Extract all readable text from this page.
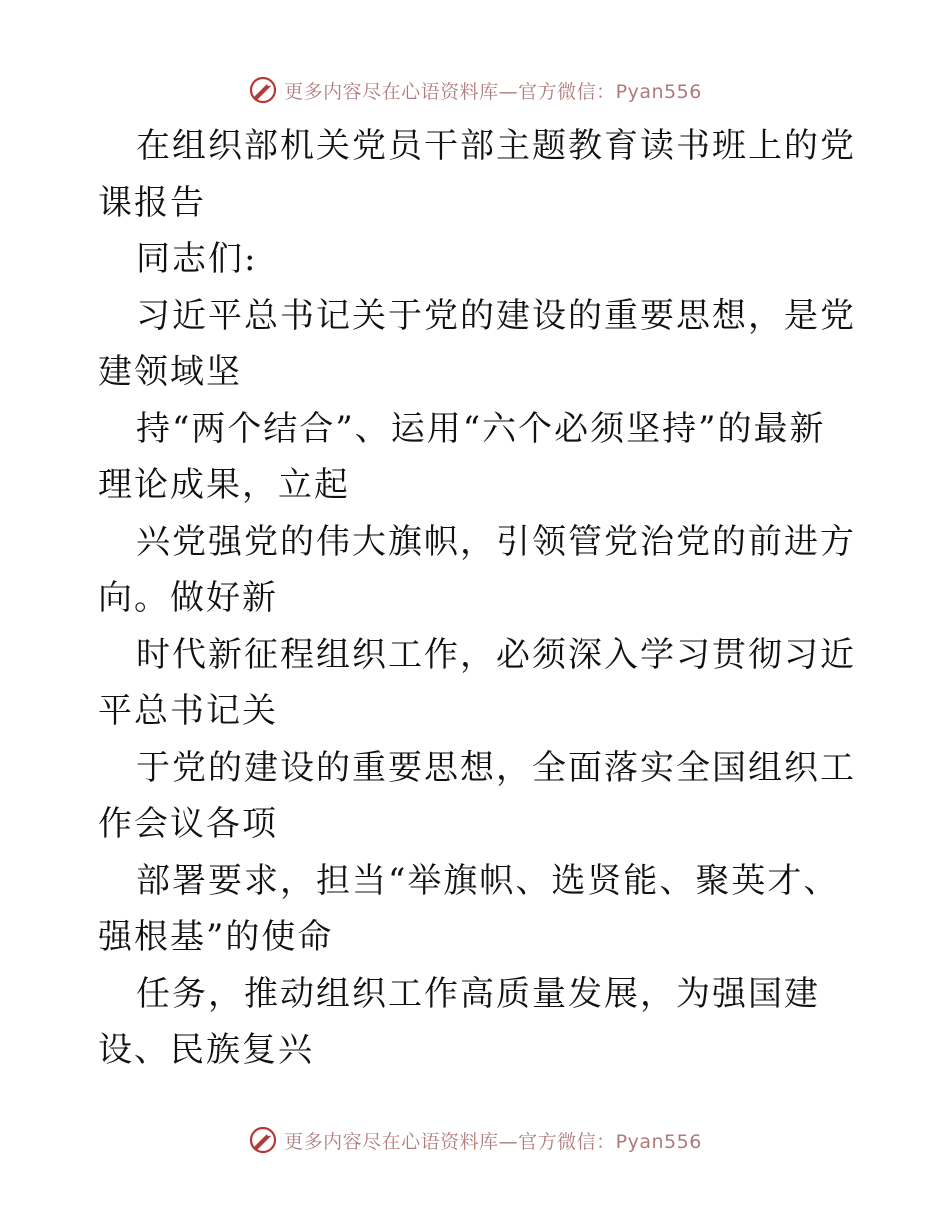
更多内容尽在心语资料库—官方微信：Pyan556

在组织部机关党员干部主题教育读书班上的党课报告

同志们:

习近平总书记关于党的建设的重要思想，是党建领域坚

持“两个结合”、运用“六个必须坚持”的最新理论成果，立起

兴党强党的伟大旗帜，引领管党治党的前进方向。做好新

时代新征程组织工作，必须深入学习贯彻习近平总书记关

于党的建设的重要思想，全面落实全国组织工作会议各项

部署要求，担当“举旗帜、选贤能、聚英才、强根基”的使命

任务，推动组织工作高质量发展，为强国建设、民族复兴

更多内容尽在心语资料库—官方微信：Pyan556
